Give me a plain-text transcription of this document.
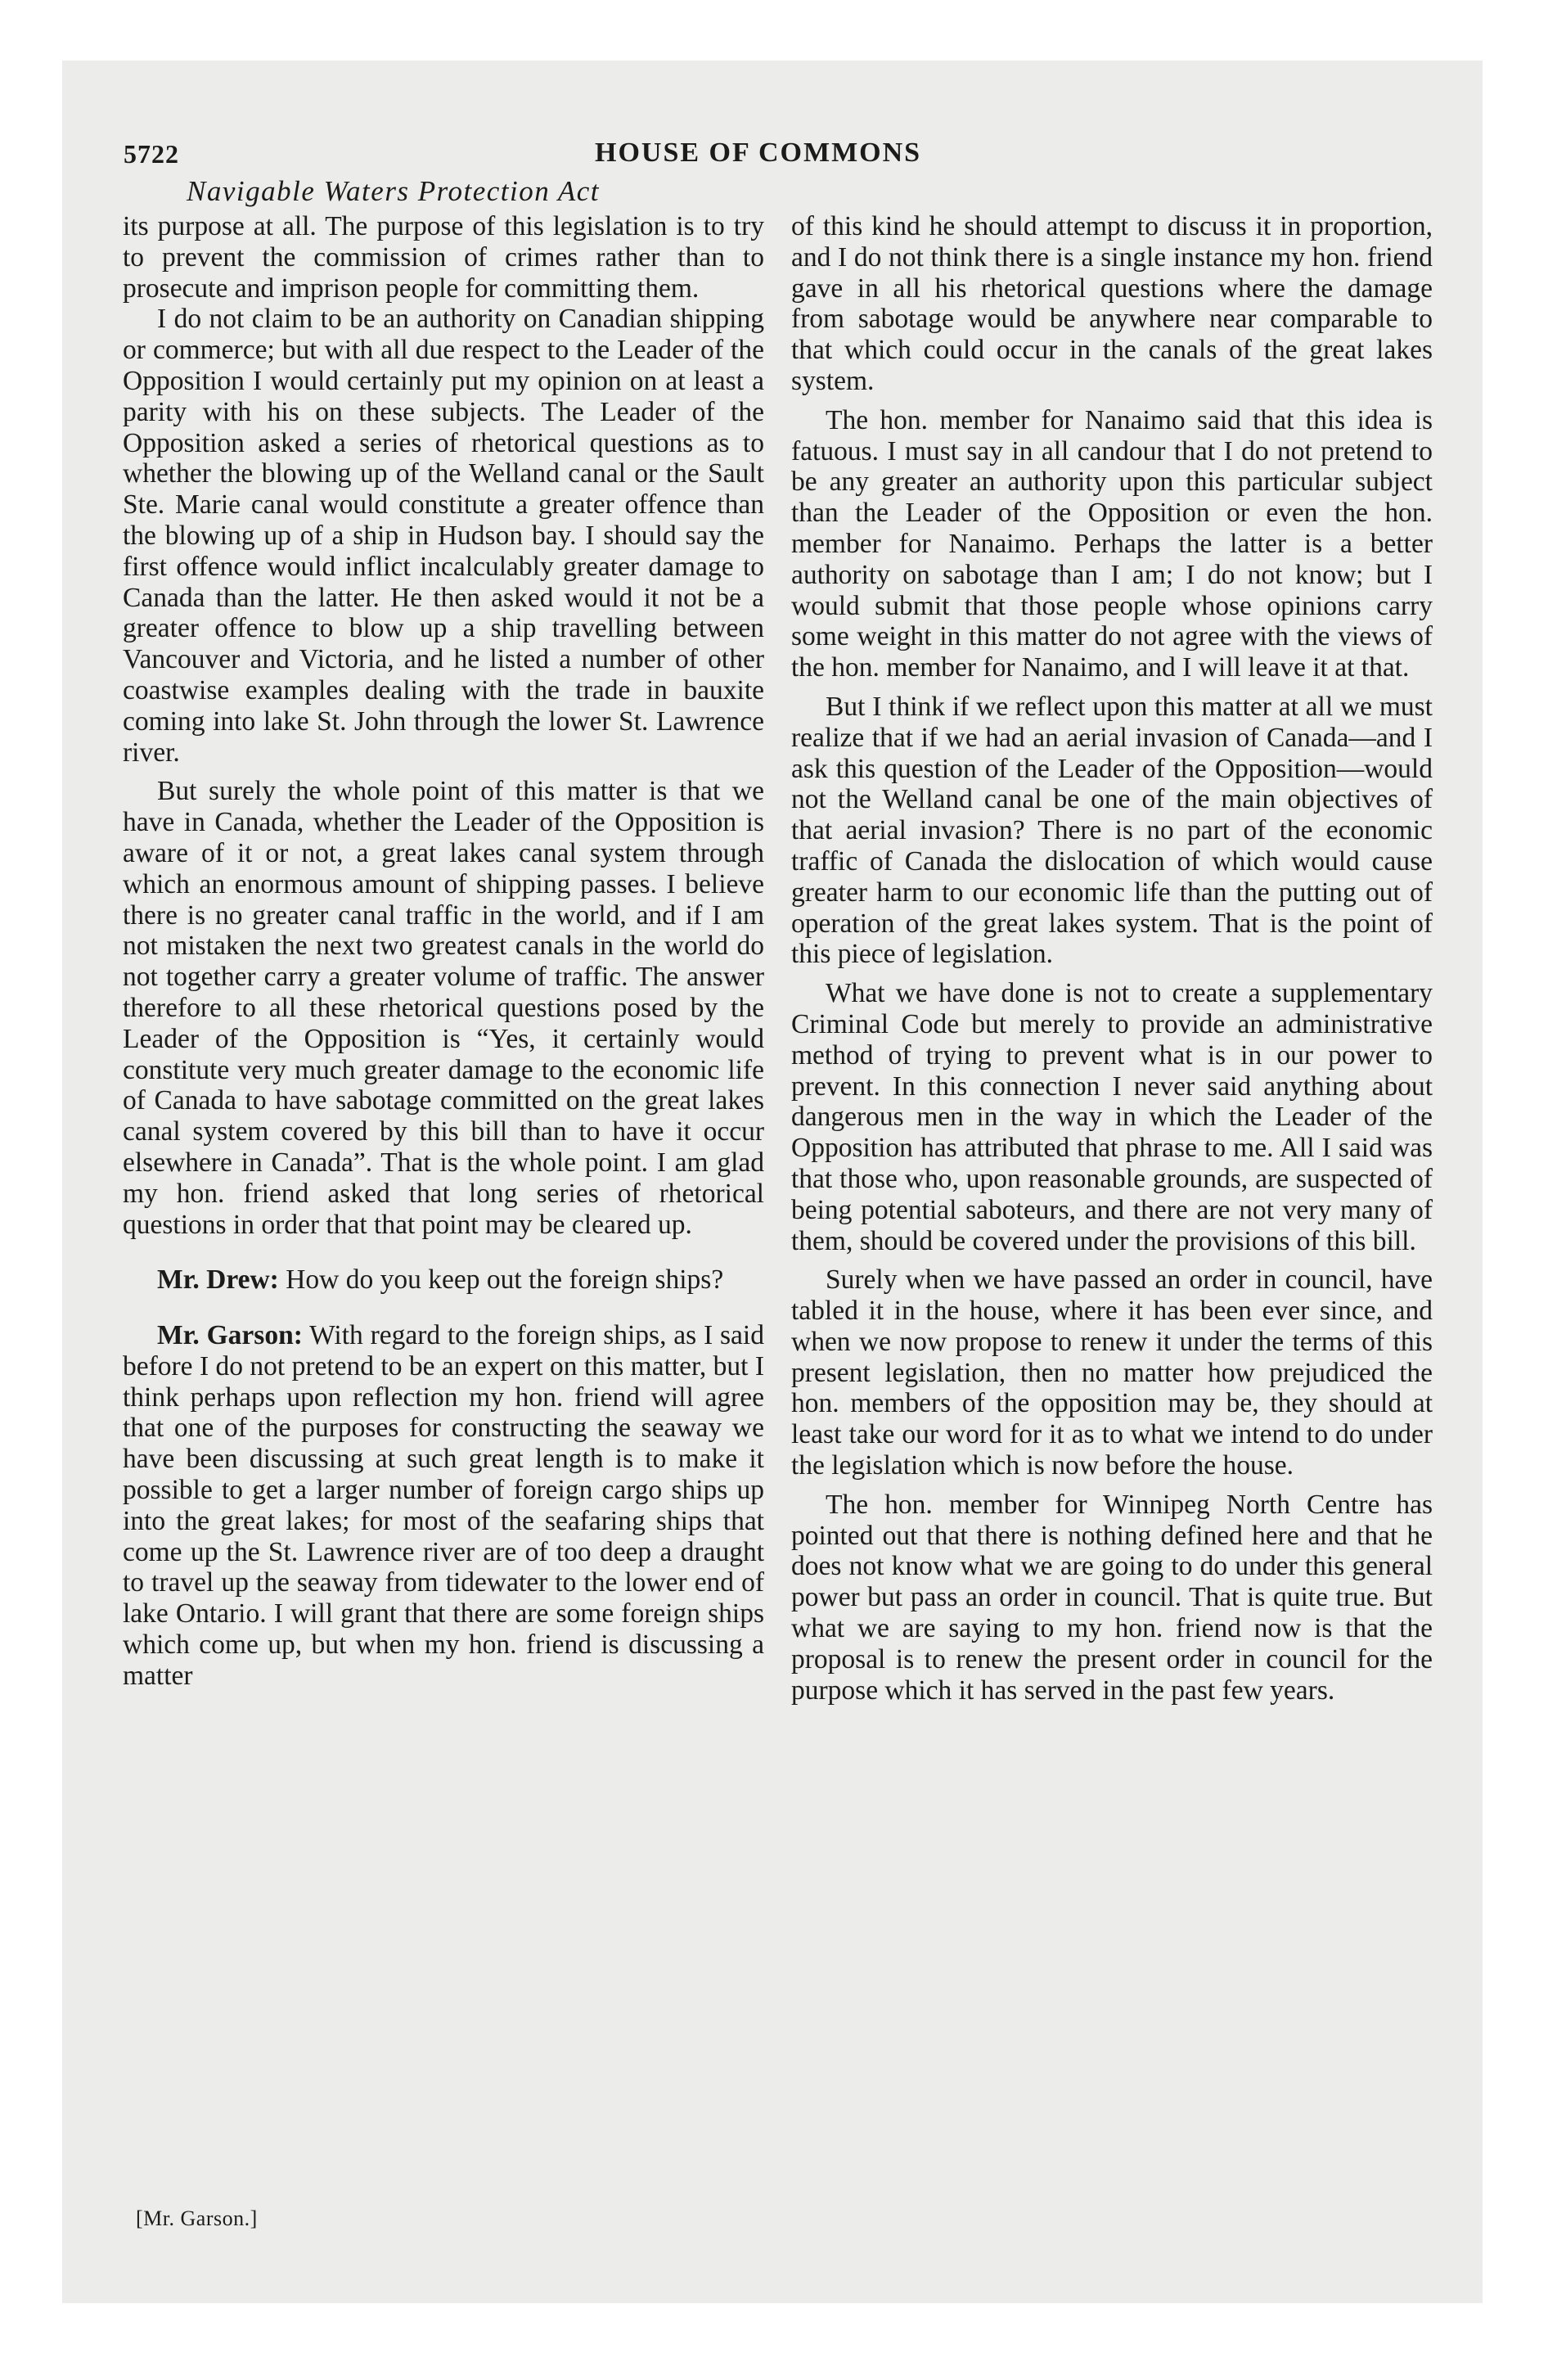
5722	HOUSE OF COMMONS
Navigable Waters Protection Act

its purpose at all. The purpose of this legislation is to try to prevent the commission of crimes rather than to prosecute and imprison people for committing them.

I do not claim to be an authority on Canadian shipping or commerce; but with all due respect to the Leader of the Opposition I would certainly put my opinion on at least a parity with his on these subjects. The Leader of the Opposition asked a series of rhetorical questions as to whether the blowing up of the Welland canal or the Sault Ste. Marie canal would constitute a greater offence than the blowing up of a ship in Hudson bay. I should say the first offence would inflict incalculably greater damage to Canada than the latter. He then asked would it not be a greater offence to blow up a ship travelling between Vancouver and Victoria, and he listed a number of other coastwise examples dealing with the trade in bauxite coming into lake St. John through the lower St. Lawrence river.

But surely the whole point of this matter is that we have in Canada, whether the Leader of the Opposition is aware of it or not, a great lakes canal system through which an enormous amount of shipping passes. I believe there is no greater canal traffic in the world, and if I am not mistaken the next two greatest canals in the world do not together carry a greater volume of traffic. The answer therefore to all these rhetorical questions posed by the Leader of the Opposition is “Yes, it certainly would constitute very much greater damage to the economic life of Canada to have sabotage committed on the great lakes canal system covered by this bill than to have it occur elsewhere in Canada”. That is the whole point. I am glad my hon. friend asked that long series of rhetorical questions in order that that point may be cleared up.

Mr. Drew: How do you keep out the foreign ships?

Mr. Garson: With regard to the foreign ships, as I said before I do not pretend to be an expert on this matter, but I think perhaps upon reflection my hon. friend will agree that one of the purposes for constructing the seaway we have been discussing at such great length is to make it possible to get a larger number of foreign cargo ships up into the great lakes; for most of the seafaring ships that come up the St. Lawrence river are of too deep a draught to travel up the seaway from tidewater to the lower end of lake Ontario. I will grant that there are some foreign ships which come up, but when my hon. friend is discussing a matter

of this kind he should attempt to discuss it in proportion, and I do not think there is a single instance my hon. friend gave in all his rhetorical questions where the damage from sabotage would be anywhere near comparable to that which could occur in the canals of the great lakes system.

The hon. member for Nanaimo said that this idea is fatuous. I must say in all candour that I do not pretend to be any greater an authority upon this particular subject than the Leader of the Opposition or even the hon. member for Nanaimo. Perhaps the latter is a better authority on sabotage than I am; I do not know; but I would submit that those people whose opinions carry some weight in this matter do not agree with the views of the hon. member for Nanaimo, and I will leave it at that.

But I think if we reflect upon this matter at all we must realize that if we had an aerial invasion of Canada—and I ask this question of the Leader of the Opposition—would not the Welland canal be one of the main objectives of that aerial invasion? There is no part of the economic traffic of Canada the dislocation of which would cause greater harm to our economic life than the putting out of operation of the great lakes system. That is the point of this piece of legislation.

What we have done is not to create a supplementary Criminal Code but merely to provide an administrative method of trying to prevent what is in our power to prevent. In this connection I never said anything about dangerous men in the way in which the Leader of the Opposition has attributed that phrase to me. All I said was that those who, upon reasonable grounds, are suspected of being potential saboteurs, and there are not very many of them, should be covered under the provisions of this bill.

Surely when we have passed an order in council, have tabled it in the house, where it has been ever since, and when we now propose to renew it under the terms of this present legislation, then no matter how prejudiced the hon. members of the opposition may be, they should at least take our word for it as to what we intend to do under the legislation which is now before the house.

The hon. member for Winnipeg North Centre has pointed out that there is nothing defined here and that he does not know what we are going to do under this general power but pass an order in council. That is quite true. But what we are saying to my hon. friend now is that the proposal is to renew the present order in council for the purpose which it has served in the past few years.

[Mr. Garson.]
